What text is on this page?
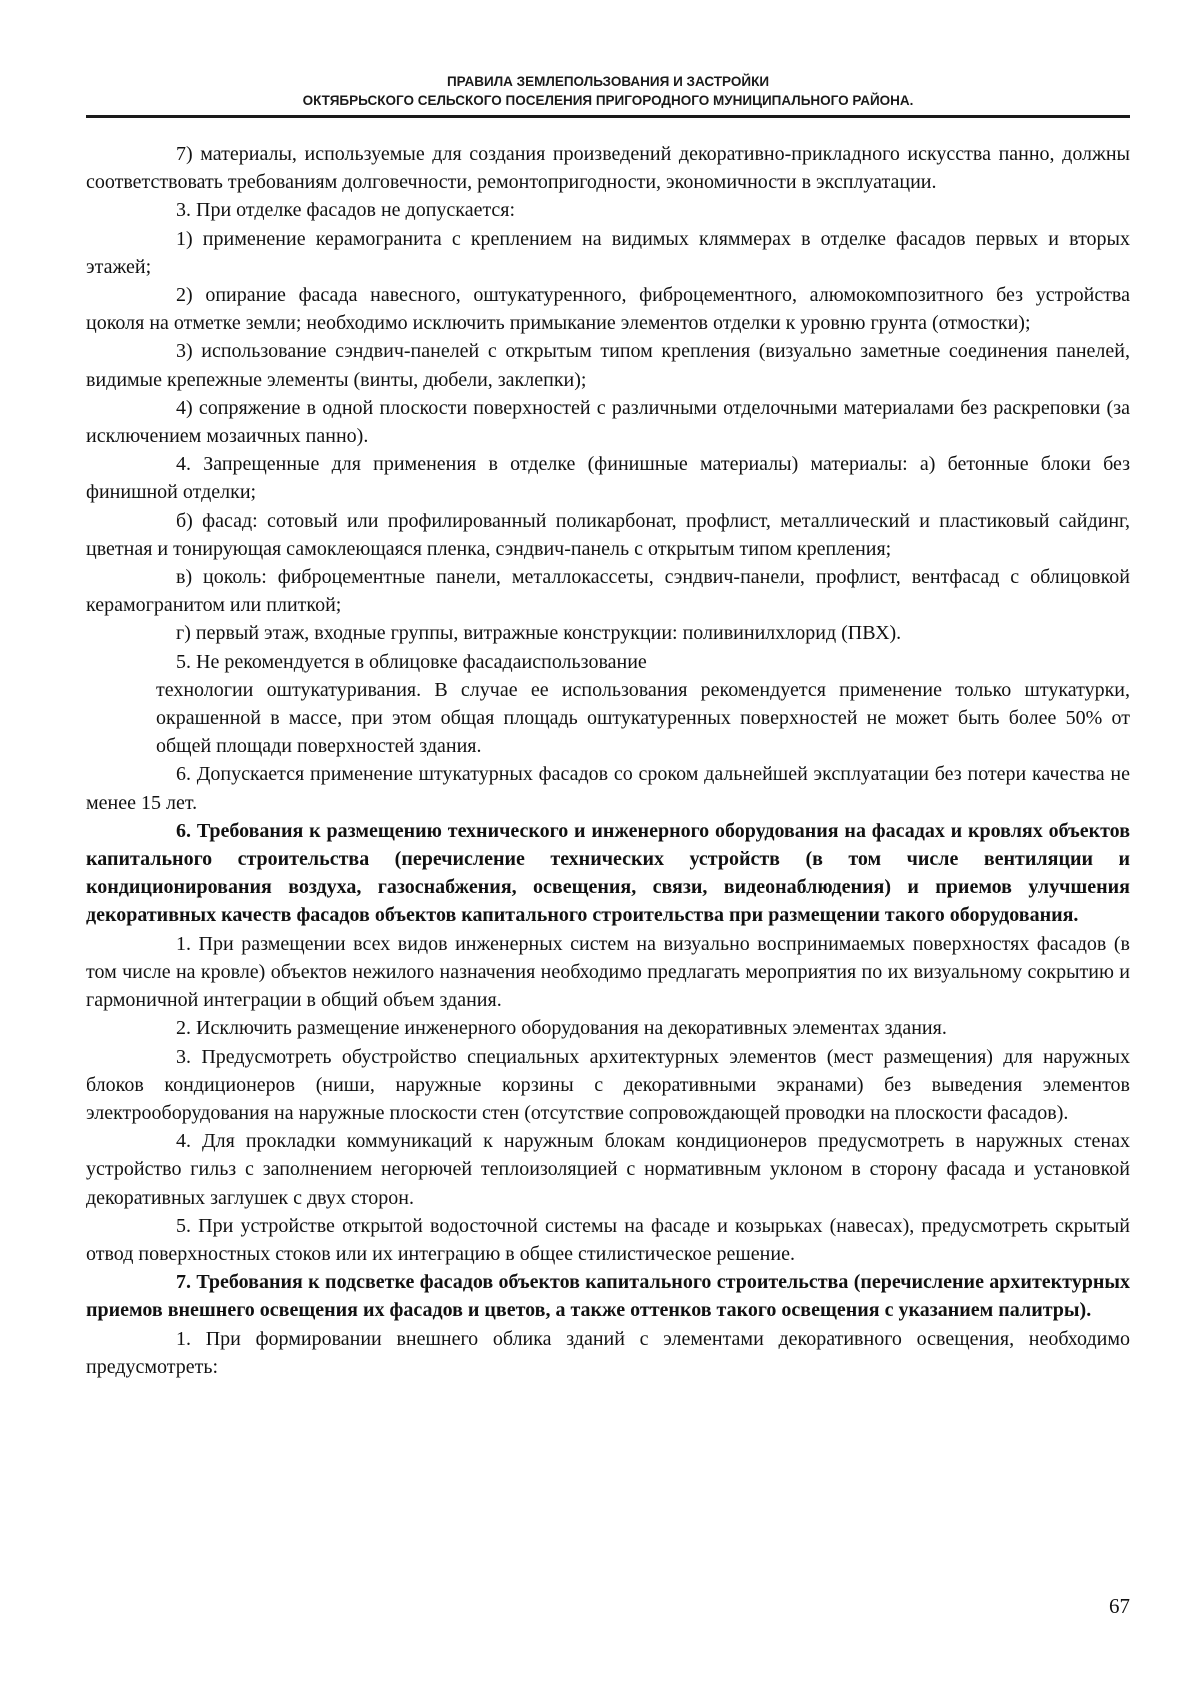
ПРАВИЛА ЗЕМЛЕПОЛЬЗОВАНИЯ И ЗАСТРОЙКИ
ОКТЯБРЬСКОГО СЕЛЬСКОГО ПОСЕЛЕНИЯ ПРИГОРОДНОГО МУНИЦИПАЛЬНОГО РАЙОНА.

7) материалы, используемые для создания произведений декоративно-прикладного искусства панно, должны соответствовать требованиям долговечности, ремонтопригодности, экономичности в эксплуатации.

3. При отделке фасадов не допускается:

1) применение керамогранита с креплением на видимых кляммерах в отделке фасадов первых и вторых этажей;

2) опирание фасада навесного, оштукатуренного, фиброцементного, алюмокомпозитного без устройства цоколя на отметке земли; необходимо исключить примыкание элементов отделки к уровню грунта (отмостки);

3) использование сэндвич-панелей с открытым типом крепления (визуально заметные соединения панелей, видимые крепежные элементы (винты, дюбели, заклепки);

4) сопряжение в одной плоскости поверхностей с различными отделочными материалами без раскреповки (за исключением мозаичных панно).

4. Запрещенные для применения в отделке (финишные материалы) материалы: а) бетонные блоки без финишной отделки;

б) фасад: сотовый или профилированный поликарбонат, профлист, металлический и пластиковый сайдинг, цветная и тонирующая самоклеющаяся пленка, сэндвич-панель с открытым типом крепления;

в) цоколь: фиброцементные панели, металлокассеты, сэндвич-панели, профлист, вентфасад с облицовкой керамогранитом или плиткой;

г) первый этаж, входные группы, витражные конструкции: поливинилхлорид (ПВХ).

5. Не рекомендуется в облицовке фасадаиспользование

технологии оштукатуривания. В случае ее использования рекомендуется применение только штукатурки, окрашенной в массе, при этом общая площадь оштукатуренных поверхностей не может быть более 50% от общей площади поверхностей здания.

6. Допускается применение штукатурных фасадов со сроком дальнейшей эксплуатации без потери качества не менее 15 лет.

6. Требования к размещению технического и инженерного оборудования на фасадах и кровлях объектов капитального строительства (перечисление технических устройств (в том числе вентиляции и кондиционирования воздуха, газоснабжения, освещения, связи, видеонаблюдения) и приемов улучшения декоративных качеств фасадов объектов капитального строительства при размещении такого оборудования.

1. При размещении всех видов инженерных систем на визуально воспринимаемых поверхностях фасадов (в том числе на кровле) объектов нежилого назначения необходимо предлагать мероприятия по их визуальному сокрытию и гармоничной интеграции в общий объем здания.

2. Исключить размещение инженерного оборудования на декоративных элементах здания.

3. Предусмотреть обустройство специальных архитектурных элементов (мест размещения) для наружных блоков кондиционеров (ниши, наружные корзины с декоративными экранами) без выведения элементов электрооборудования на наружные плоскости стен (отсутствие сопровождающей проводки на плоскости фасадов).

4. Для прокладки коммуникаций к наружным блокам кондиционеров предусмотреть в наружных стенах устройство гильз с заполнением негорючей теплоизоляцией с нормативным уклоном в сторону фасада и установкой декоративных заглушек с двух сторон.

5. При устройстве открытой водосточной системы на фасаде и козырьках (навесах), предусмотреть скрытый отвод поверхностных стоков или их интеграцию в общее стилистическое решение.

7. Требования к подсветке фасадов объектов капитального строительства (перечисление архитектурных приемов внешнего освещения их фасадов и цветов, а также оттенков такого освещения с указанием палитры).

1. При формировании внешнего облика зданий с элементами декоративного освещения, необходимо предусмотреть:

67
